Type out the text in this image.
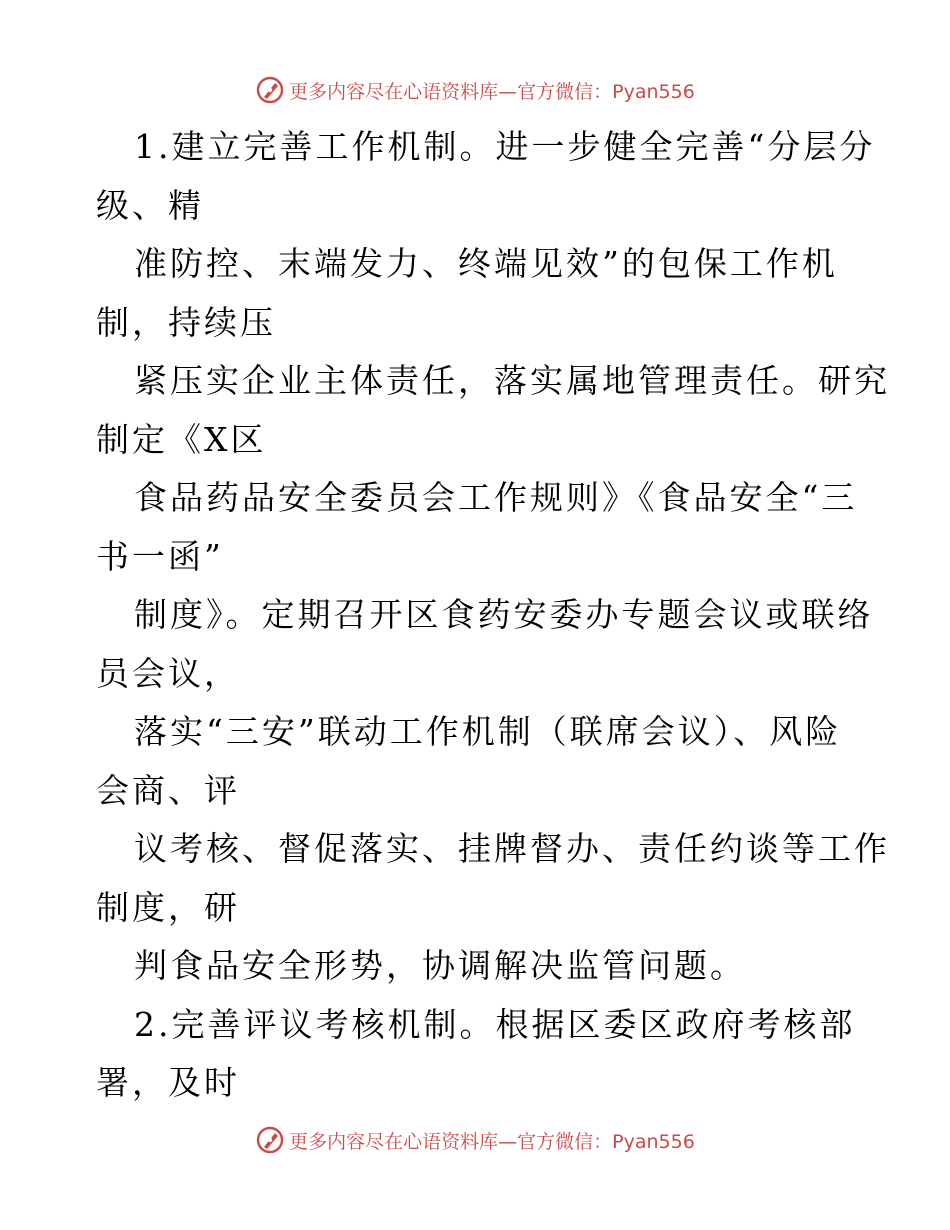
更多内容尽在心语资料库—官方微信：Pyan556
1.建立完善工作机制。进一步健全完善“分层分
级、精
准防控、末端发力、终端见效”的包保工作机
制，持续压
紧压实企业主体责任，落实属地管理责任。研究
制定《X区
食品药品安全委员会工作规则》《食品安全“三
书一函”
制度》。定期召开区食药安委办专题会议或联络
员会议，
落实“三安”联动工作机制（联席会议）、风险
会商、评
议考核、督促落实、挂牌督办、责任约谈等工作
制度，研
判食品安全形势，协调解决监管问题。
2.完善评议考核机制。根据区委区政府考核部
署，及时
更多内容尽在心语资料库—官方微信：Pyan556
